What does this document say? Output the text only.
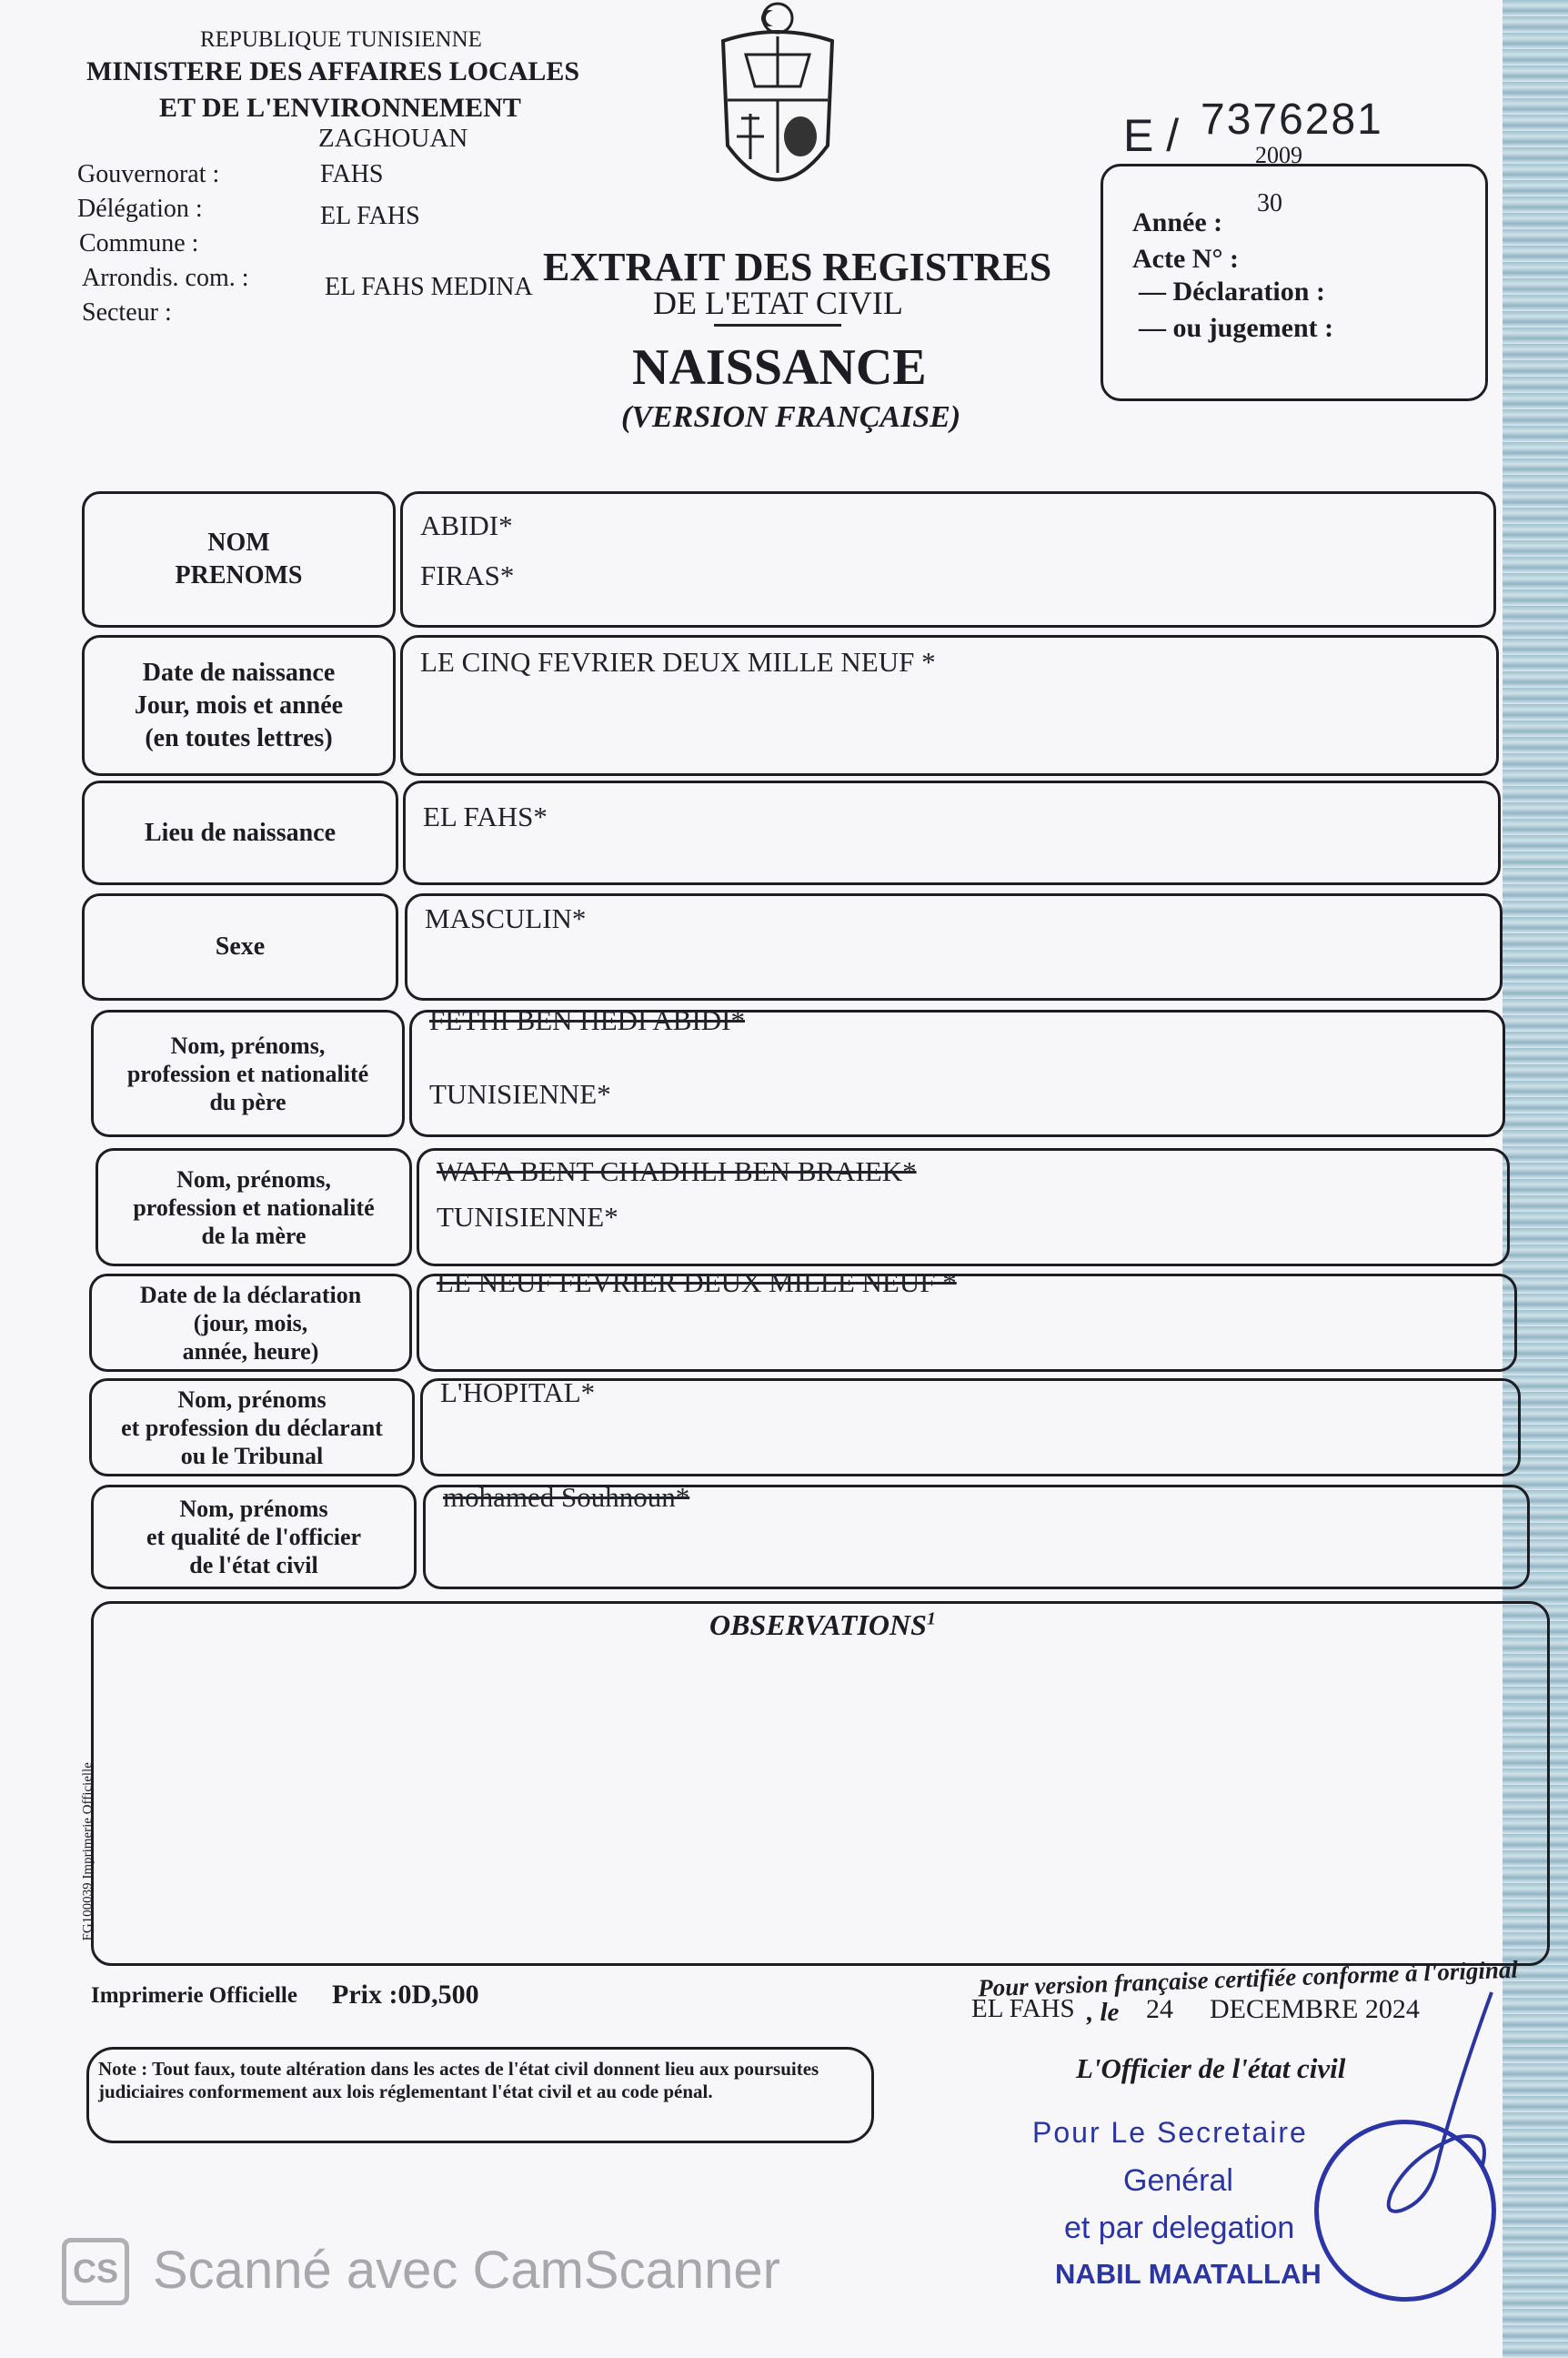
REPUBLIQUE TUNISIENNE
MINISTERE DES AFFAIRES LOCALES
ET DE L'ENVIRONNEMENT
ZAGHOUAN
Gouvernorat :	FAHS
Délégation :	EL FAHS
Commune :
Arrondis. com. :	EL FAHS MEDINA
Secteur :
EXTRAIT DES REGISTRES
DE L'ETAT CIVIL
NAISSANCE
(VERSION FRANÇAISE)
E / 7376281
2009
30
Année :
Acte N° :
— Déclaration :
— ou jugement :
NOM
PRENOMS
ABIDI*
FIRAS*
Date de naissance
Jour, mois et année
(en toutes lettres)
LE CINQ FEVRIER DEUX MILLE NEUF *
Lieu de naissance	EL FAHS*
Sexe
MASCULIN*
Nom, prénoms,
profession et nationalité
du père
FETHI BEN HEDI ABIDI*
TUNISIENNE*
Nom, prénoms,
profession et nationalité
de la mère
WAFA BENT CHADHLI BEN BRAIEK*
TUNISIENNE*
Date de la déclaration
(jour, mois,
année, heure)
LE NEUF FEVRIER DEUX MILLE NEUF *
Nom, prénoms
et profession du déclarant
ou le Tribunal
L'HOPITAL*
Nom, prénoms
et qualité de l'officier
de l'état civil
mohamed Souhnoun*
OBSERVATIONS$^1$
FG100039 Imprimerie Officielle
Imprimerie Officielle Prix :0D,500
Note : Tout faux, toute altération dans les actes de l'état civil donnent lieu aux poursuites judiciaires conformement aux lois réglementant l'état civil et au code pénal.
Pour version française certifiée conforme à l'original
EL FAHS , le 24 DECEMBRE 2024
L'Officier de l'état civil
Pour Le Secretaire
Genéral
et par delegation
NABIL MAATALLAH
CS Scanné avec CamScanner
